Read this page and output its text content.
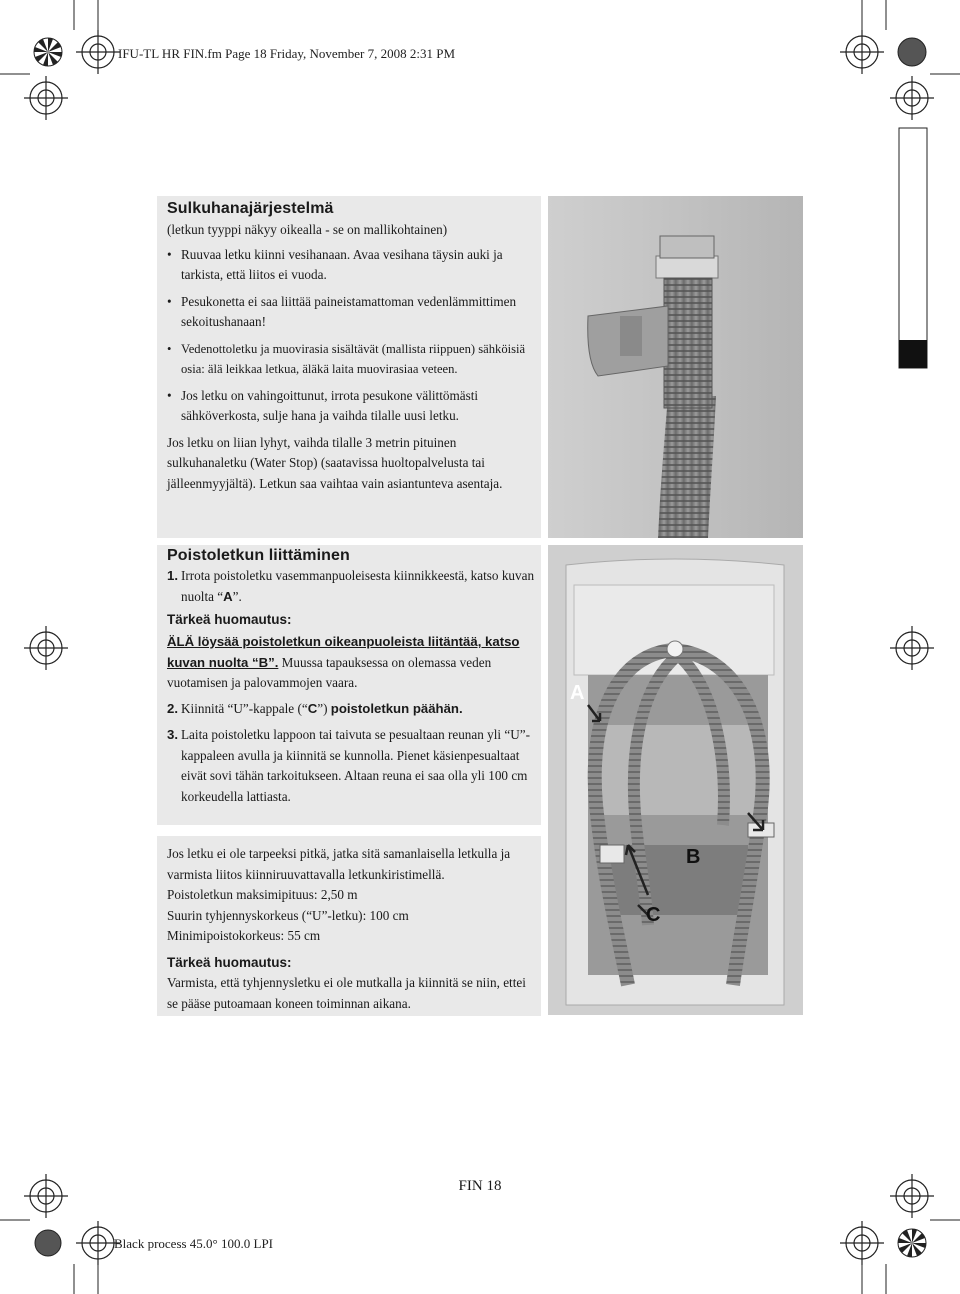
IFU-TL HR FIN.fm Page 18 Friday, November 7, 2008 2:31 PM
Black process 45.0° 100.0 LPI
Sulkuhanajärjestelmä
(letkun tyyppi näkyy oikealla - se on mallikohtainen)
• Ruuvaa letku kiinni vesihanaan. Avaa vesihana täysin auki ja tarkista, että liitos ei vuoda.
• Pesukonetta ei saa liittää paineistamattoman vedenlämmittimen sekoitushanaan!
• Vedenottoletku ja muovirasia sisältävät (mallista riippuen) sähköisiä osia: älä leikkaa letkua, äläkä laita muovirasiaa veteen.
• Jos letku on vahingoittunut, irrota pesukone välittömästi sähköverkosta, sulje hana ja vaihda tilalle uusi letku.

Jos letku on liian lyhyt, vaihda tilalle 3 metrin pituinen sulkuhanaletku (Water Stop) (saatavissa huoltopalvelusta tai jälleenmyyjältä). Letkun saa vaihtaa vain asiantunteva asentaja.

Poistoletkun liittäminen
1. Irrota poistoletku vasemmanpuoleisesta kiinnikkeestä, katso kuvan nuolta “A”.
Tärkeä huomautus:
ÄLÄ löysää poistoletkun oikeanpuoleista liitäntää, katso kuvan nuolta “B”. Muussa tapauksessa on olemassa veden vuotamisen ja palovammojen vaara.
2. Kiinnitä “U”-kappale (“C”) poistoletkun päähän.
3. Laita poistoletku lappoon tai taivuta se pesualtaan reunan yli “U”-kappaleen avulla ja kiinnitä se kunnolla. Pienet käsienpesualtaat eivät sovi tähän tarkoitukseen. Altaan reuna ei saa olla yli 100 cm korkeudella lattiasta.

Jos letku ei ole tarpeeksi pitkä, jatka sitä samanlaisella letkulla ja varmista liitos kiinniruuvattavalla letkunkiristimellä.

Poistoletkun maksimipituus: 2,50 m

Suurin tyhjennyskorkeus (“U”-letku): 100 cm

Minimipoistokorkeus: 55 cm

Tärkeä huomautus:

Varmista, että tyhjennysletku ei ole mutkalla ja kiinnitä se niin, ettei se pääse putoamaan koneen toiminnan aikana.

A
B
C
FIN 18
